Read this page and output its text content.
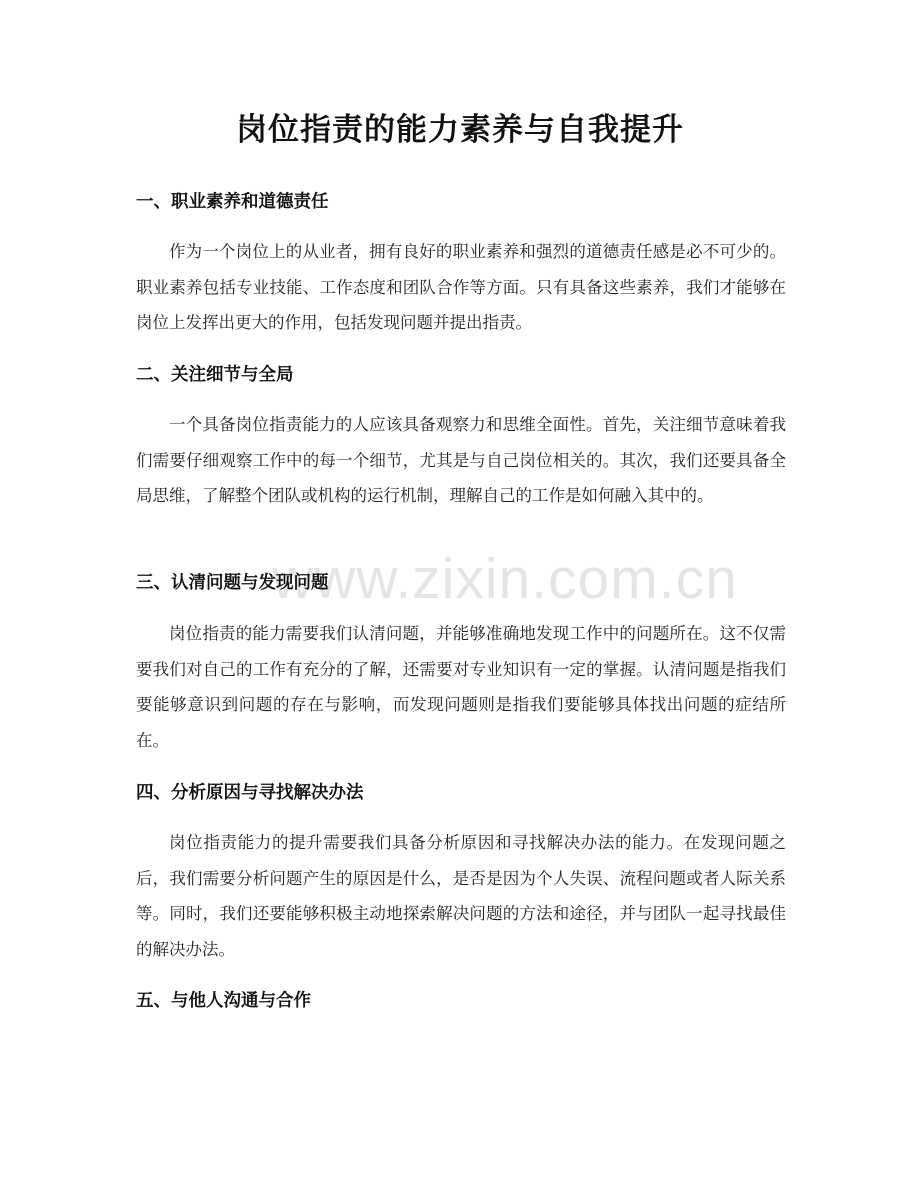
www.zixin.com.cn
岗位指责的能力素养与自我提升
一、职业素养和道德责任

作为一个岗位上的从业者，拥有良好的职业素养和强烈的道德责任感是必不可少的。职业素养包括专业技能、工作态度和团队合作等方面。只有具备这些素养，我们才能够在岗位上发挥出更大的作用，包括发现问题并提出指责。

二、关注细节与全局

一个具备岗位指责能力的人应该具备观察力和思维全面性。首先，关注细节意味着我们需要仔细观察工作中的每一个细节，尤其是与自己岗位相关的。其次，我们还要具备全局思维，了解整个团队或机构的运行机制，理解自己的工作是如何融入其中的。

三、认清问题与发现问题

岗位指责的能力需要我们认清问题，并能够准确地发现工作中的问题所在。这不仅需要我们对自己的工作有充分的了解，还需要对专业知识有一定的掌握。认清问题是指我们要能够意识到问题的存在与影响，而发现问题则是指我们要能够具体找出问题的症结所在。

四、分析原因与寻找解决办法

岗位指责能力的提升需要我们具备分析原因和寻找解决办法的能力。在发现问题之后，我们需要分析问题产生的原因是什么，是否是因为个人失误、流程问题或者人际关系等。同时，我们还要能够积极主动地探索解决问题的方法和途径，并与团队一起寻找最佳的解决办法。

五、与他人沟通与合作
